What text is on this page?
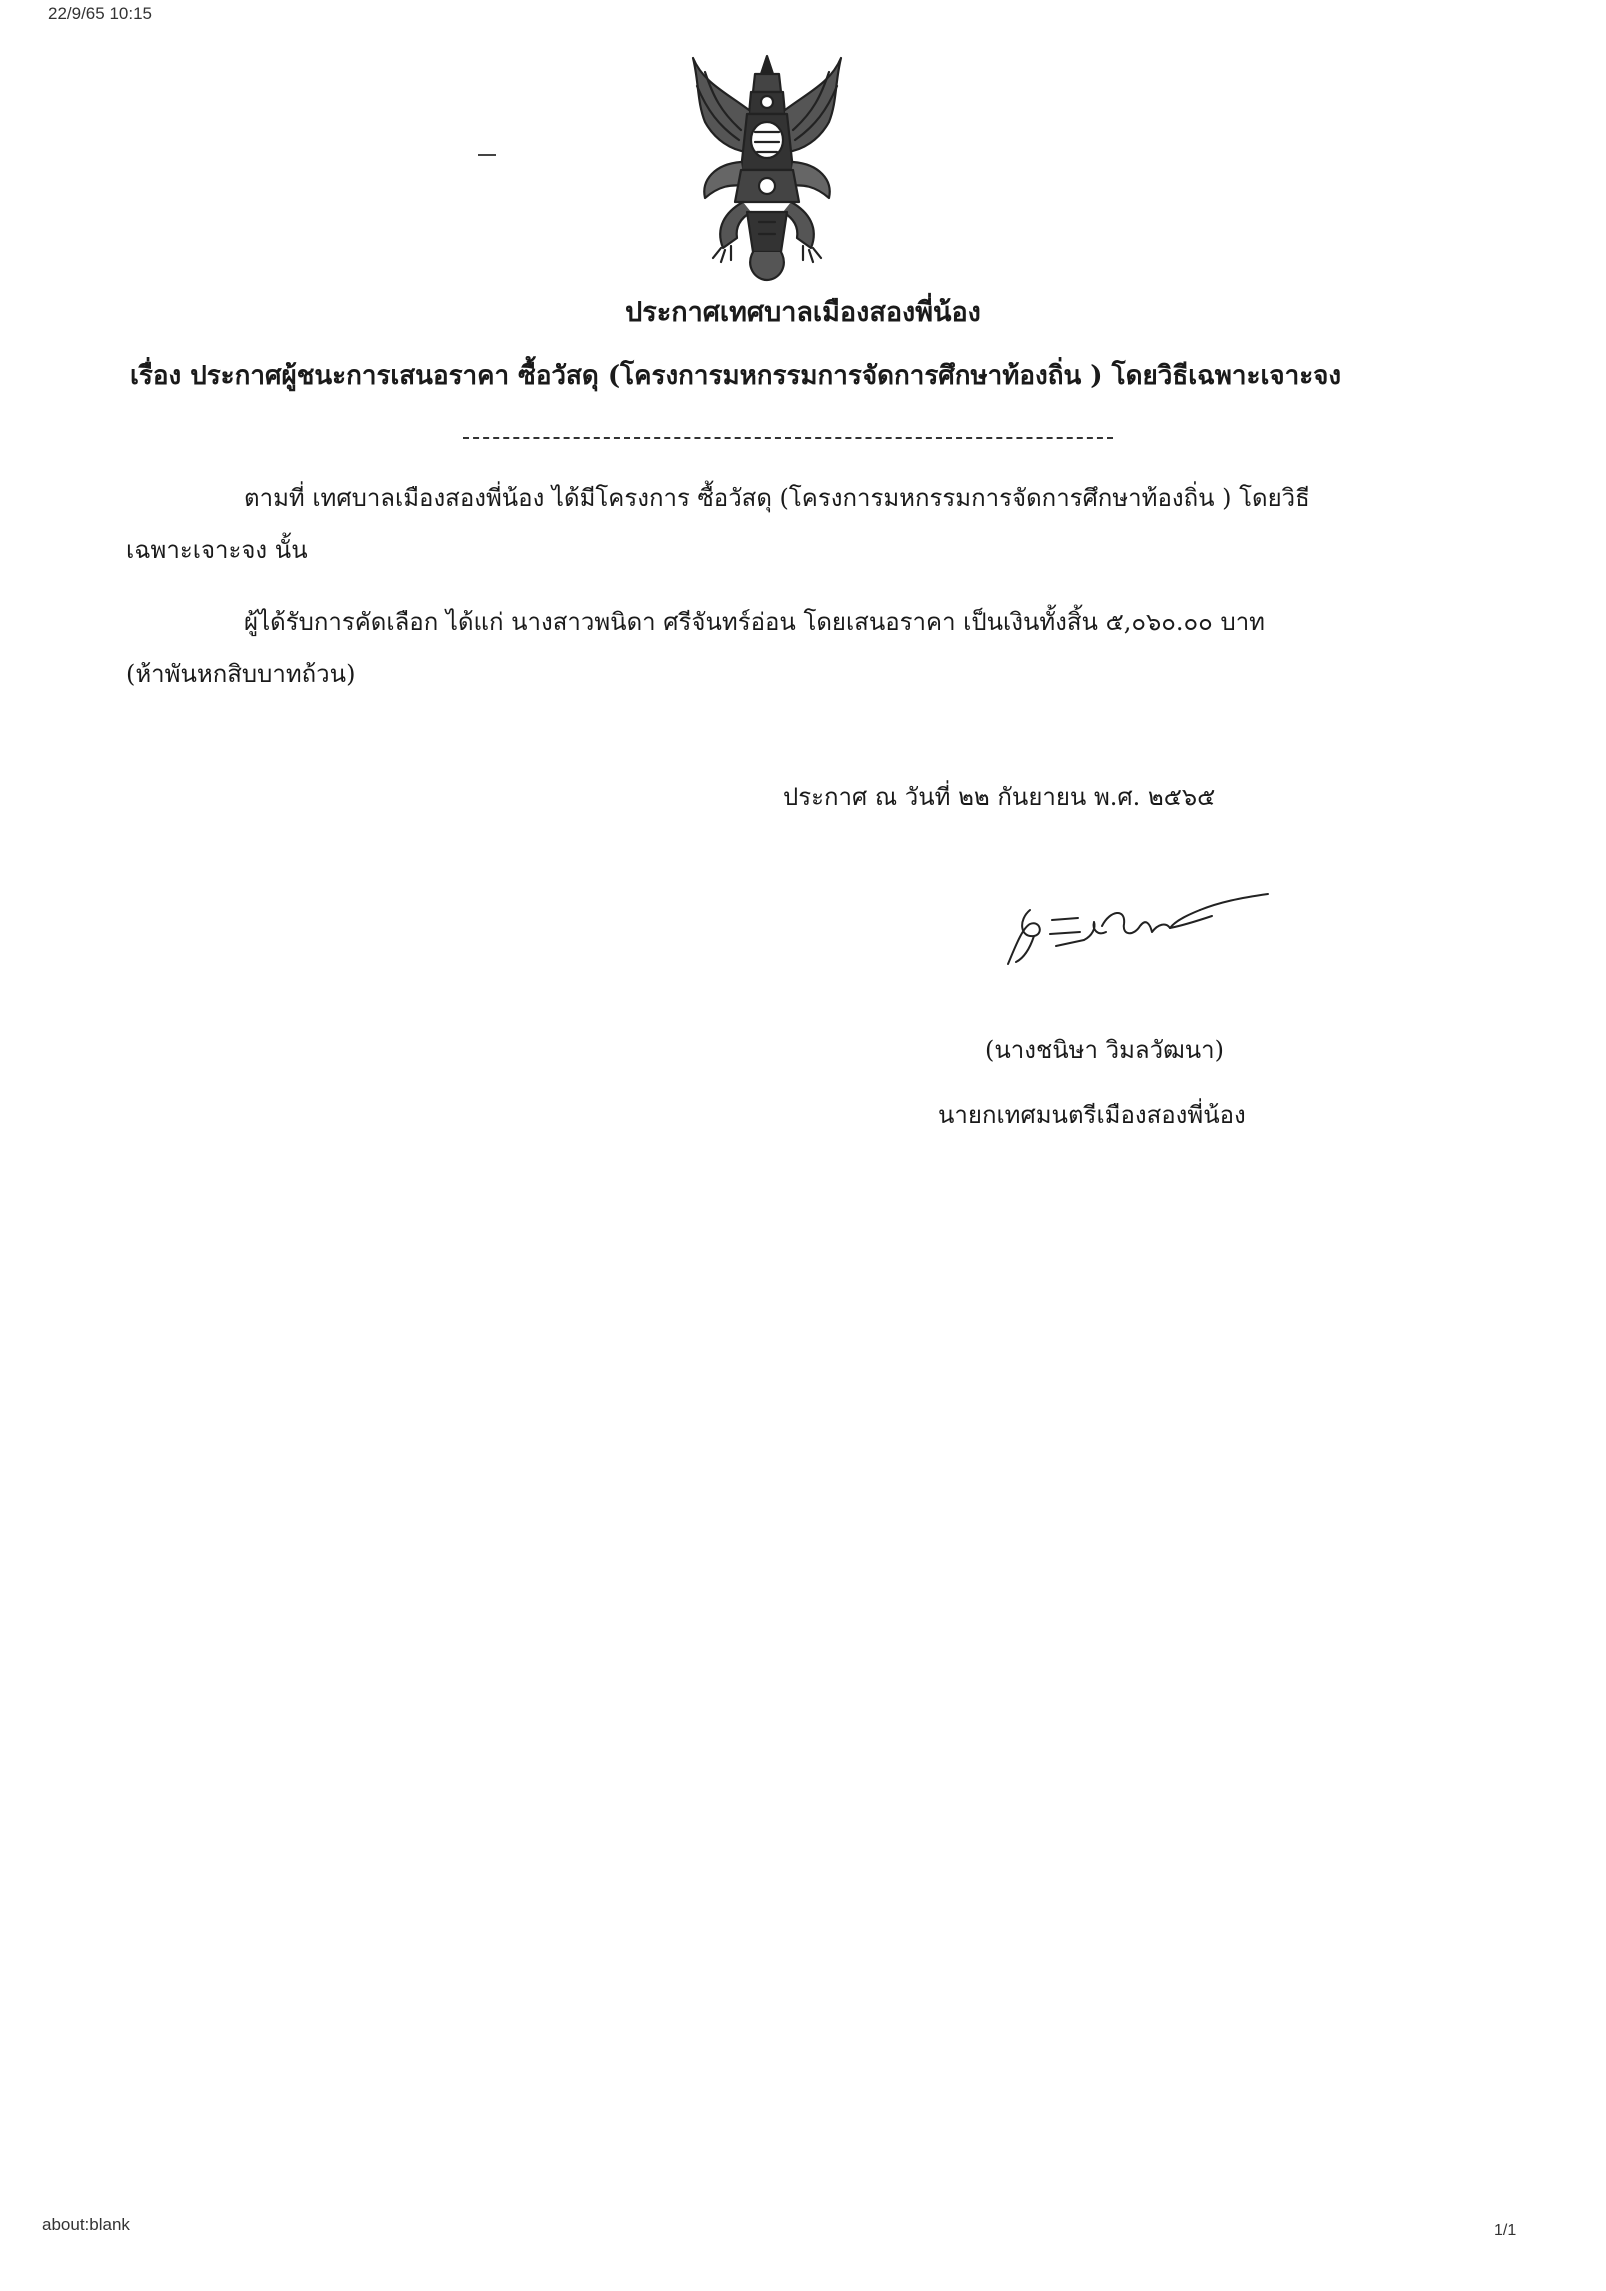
22/9/65 10:15
ประกาศเทศบาลเมืองสองพี่น้อง
เรื่อง ประกาศผู้ชนะการเสนอราคา ซื้อวัสดุ (โครงการมหกรรมการจัดการศึกษาท้องถิ่น ) โดยวิธีเฉพาะเจาะจง
ตามที่ เทศบาลเมืองสองพี่น้อง ได้มีโครงการ ซื้อวัสดุ (โครงการมหกรรมการจัดการศึกษาท้องถิ่น ) โดยวิธี
เฉพาะเจาะจง นั้น
ผู้ได้รับการคัดเลือก ได้แก่ นางสาวพนิดา ศรีจันทร์อ่อน โดยเสนอราคา เป็นเงินทั้งสิ้น ๕,๐๖๐.๐๐ บาท
(ห้าพันหกสิบบาทถ้วน)
ประกาศ ณ วันที่ ๒๒ กันยายน พ.ศ. ๒๕๖๕
(นางชนิษา วิมลวัฒนา)
นายกเทศมนตรีเมืองสองพี่น้อง
about:blank	1/1
